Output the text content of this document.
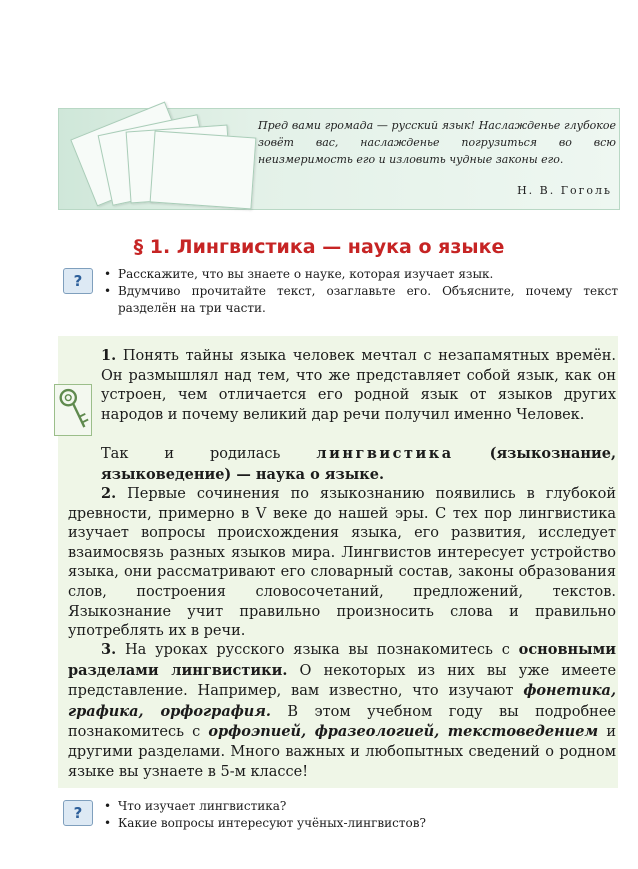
Пред вами громада — русский язык! Наслажденье глубокое зовёт вас, наслажденье погрузиться во всю неизмеримость его и изловить чудные законы его.
Н. В. Гоголь
§ 1. Лингвистика — наука о языке
?	• Расскажите, что вы знаете о науке, которая изучает язык.
• Вдумчиво прочитайте текст, озаглавьте его. Объясните, почему текст разделён на три части.
1. Понять тайны языка человек мечтал с незапамятных времён. Он размышлял над тем, что же представляет собой язык, как он устроен, чем отличается его родной язык от языков других народов и почему великий дар речи получил именно Человек.
Так и родилась лингвистика (языкознание, языковедение) — наука о языке.
2. Первые сочинения по языкознанию появились в глубокой древности, примерно в V веке до нашей эры. С тех пор лингвистика изучает вопросы происхождения языка, его развития, исследует взаимосвязь разных языков мира. Лингвистов интересует устройство языка, они рассматривают его словарный состав, законы образования слов, построения словосочетаний, предложений, текстов. Языкознание учит правильно произносить слова и правильно употреблять их в речи.
3. На уроках русского языка вы познакомитесь с основными разделами лингвистики. О некоторых из них вы уже имеете представление. Например, вам известно, что изучают фонетика, графика, орфография. В этом учебном году вы подробнее познакомитесь с орфоэпией, фразеологией, текстоведением и другими разделами. Много важных и любопытных сведений о родном языке вы узнаете в 5-м классе!
?	• Что изучает лингвистика?
• Какие вопросы интересуют учёных-лингвистов?
